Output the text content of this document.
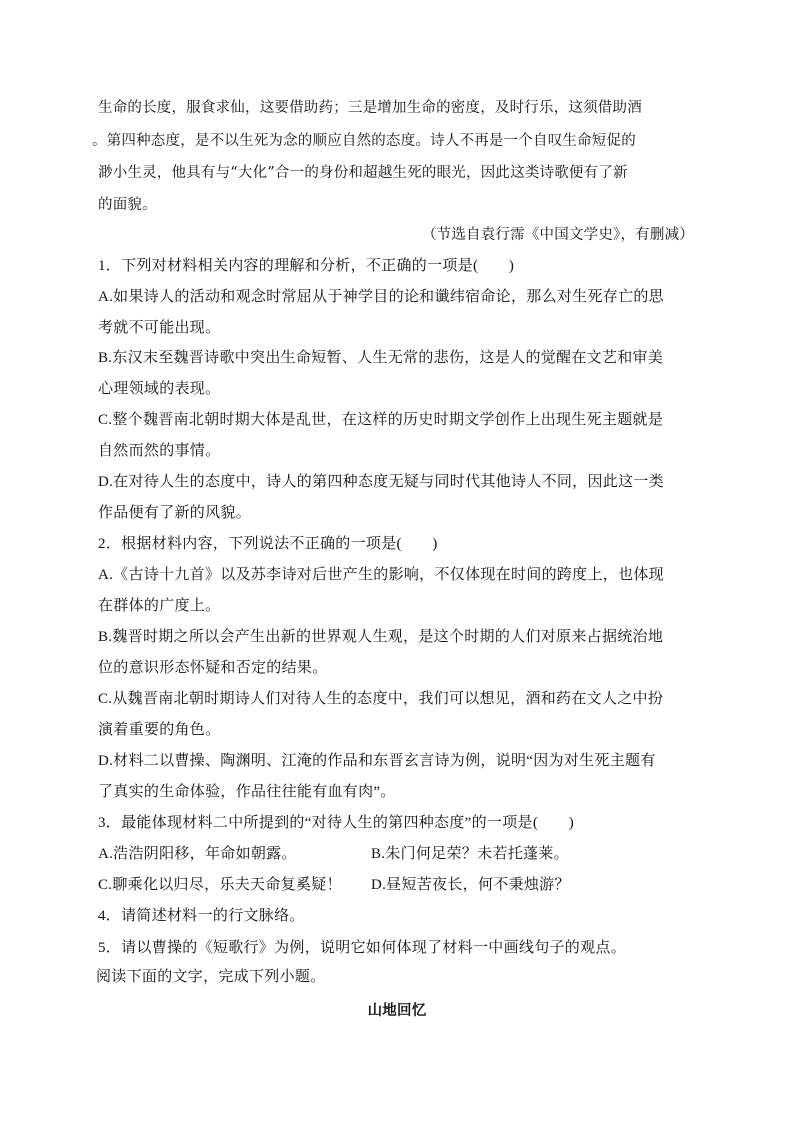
生命的长度，服食求仙，这要借助药；三是增加生命的密度，及时行乐，这须借助酒
。第四种态度，是不以生死为念的顺应自然的态度。诗人不再是一个自叹生命短促的
渺小生灵，他具有与“大化”合一的身份和超越生死的眼光，因此这类诗歌便有了新
的面貌。
（节选自袁行霈《中国文学史》，有删减）
1．下列对材料相关内容的理解和分析，不正确的一项是(　　)
A.如果诗人的活动和观念时常屈从于神学目的论和谶纬宿命论，那么对生死存亡的思
考就不可能出现。
B.东汉末至魏晋诗歌中突出生命短暂、人生无常的悲伤，这是人的觉醒在文艺和审美
心理领域的表现。
C.整个魏晋南北朝时期大体是乱世，在这样的历史时期文学创作上出现生死主题就是
自然而然的事情。
D.在对待人生的态度中，诗人的第四种态度无疑与同时代其他诗人不同，因此这一类
作品便有了新的风貌。
2．根据材料内容，下列说法不正确的一项是(　　)
A.《古诗十九首》以及苏李诗对后世产生的影响，不仅体现在时间的跨度上，也体现
在群体的广度上。
B.魏晋时期之所以会产生出新的世界观人生观，是这个时期的人们对原来占据统治地
位的意识形态怀疑和否定的结果。
C.从魏晋南北朝时期诗人们对待人生的态度中，我们可以想见，酒和药在文人之中扮
演着重要的角色。
D.材料二以曹操、陶渊明、江淹的作品和东晋玄言诗为例，说明“因为对生死主题有
了真实的生命体验，作品往往能有血有肉”。
3．最能体现材料二中所提到的“对待人生的第四种态度”的一项是(　　)
A.浩浩阴阳移，年命如朝露。	B.朱门何足荣？未若托蓬莱。
C.聊乘化以归尽，乐夫天命复奚疑！ D.昼短苦夜长，何不秉烛游？
4．请简述材料一的行文脉络。
5．请以曹操的《短歌行》为例，说明它如何体现了材料一中画线句子的观点。
阅读下面的文字，完成下列小题。
山地回忆
